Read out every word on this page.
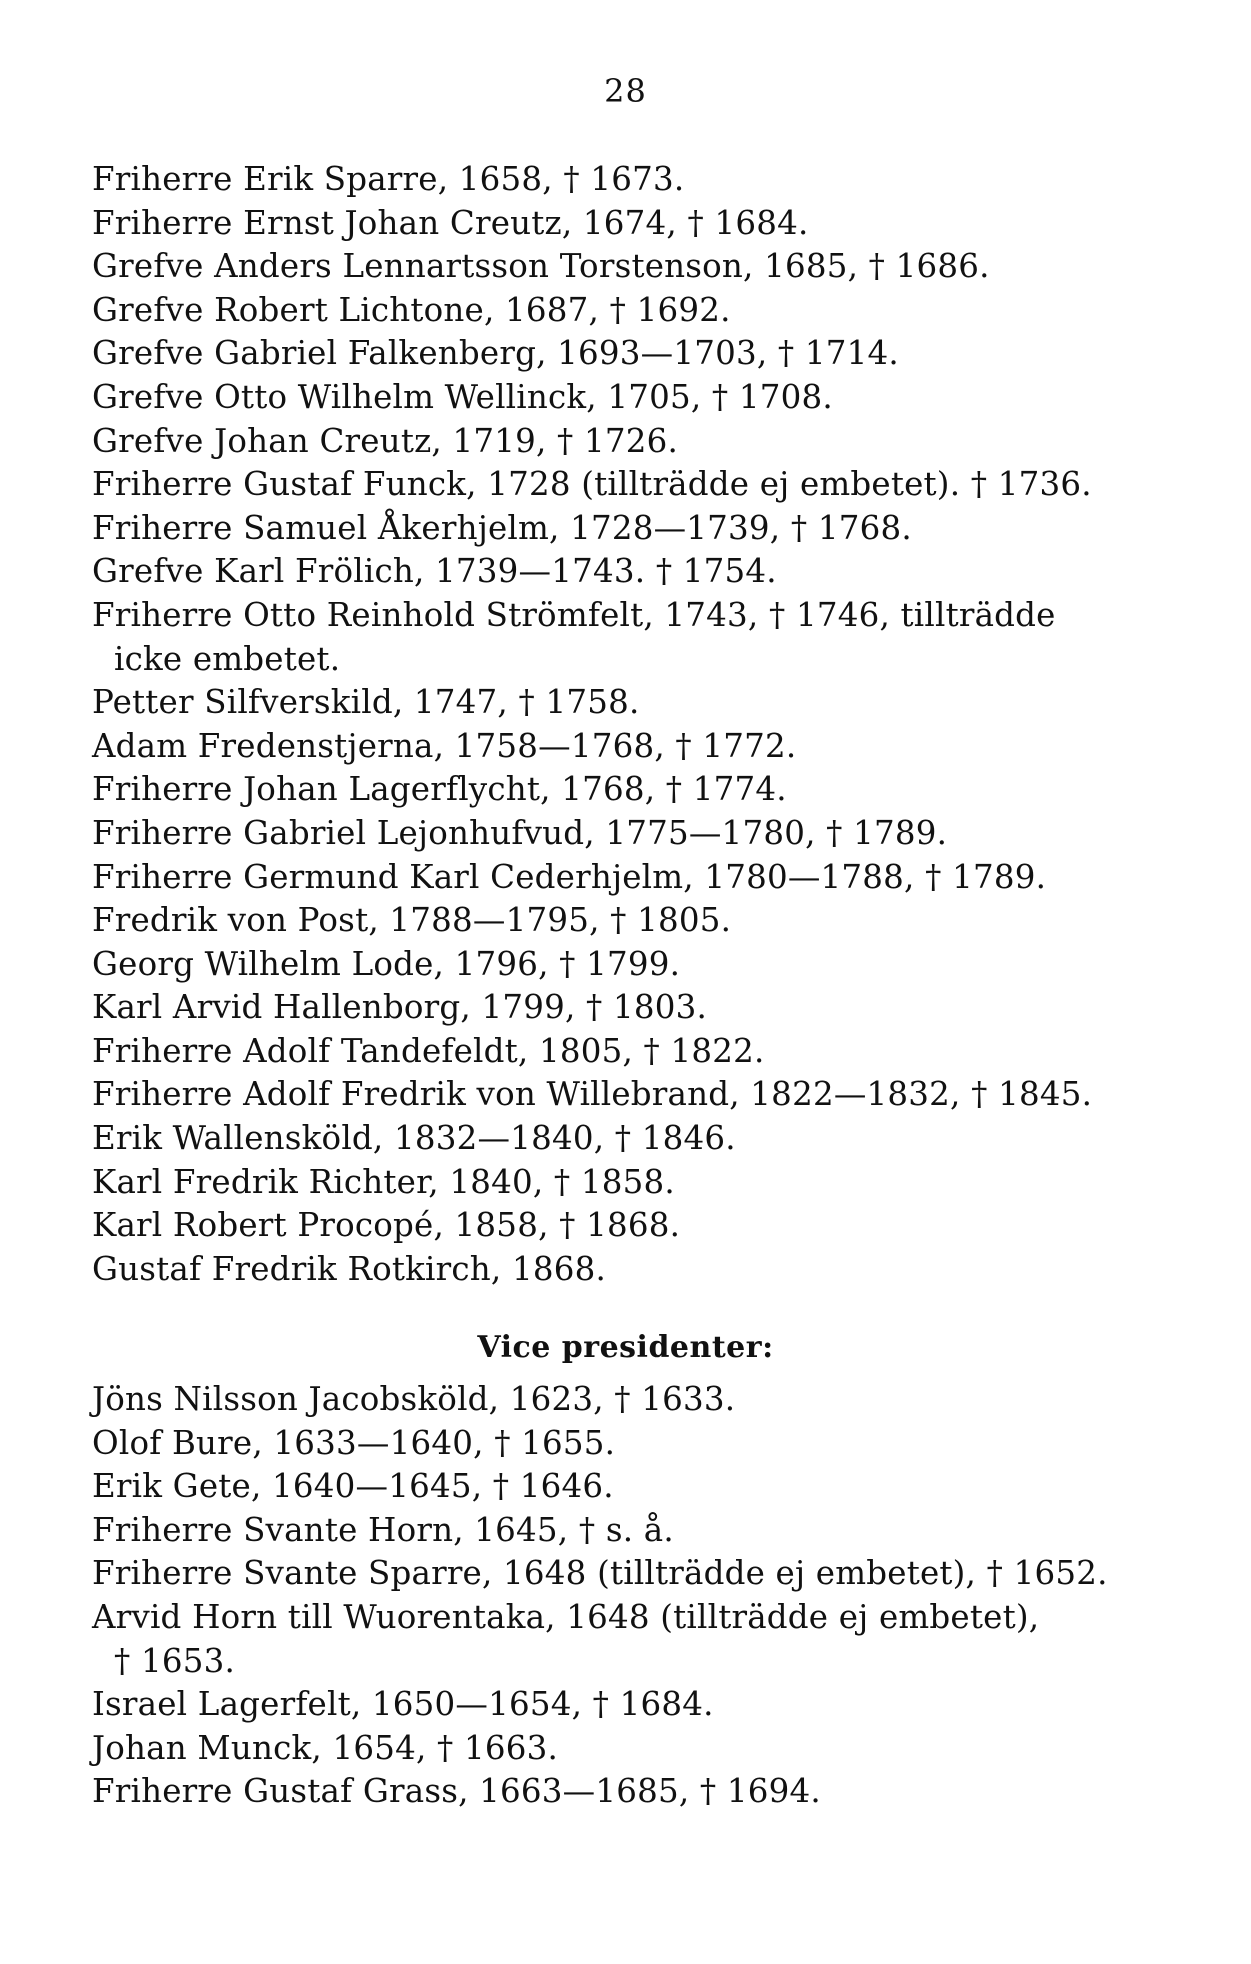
28
Friherre Erik Sparre, 1658, † 1673.
Friherre Ernst Johan Creutz, 1674, † 1684.
Grefve Anders Lennartsson Torstenson, 1685, † 1686.
Grefve Robert Lichtone, 1687, † 1692.
Grefve Gabriel Falkenberg, 1693—1703, † 1714.
Grefve Otto Wilhelm Wellinck, 1705, † 1708.
Grefve Johan Creutz, 1719, † 1726.
Friherre Gustaf Funck, 1728 (tillträdde ej embetet). † 1736.
Friherre Samuel Åkerhjelm, 1728—1739, † 1768.
Grefve Karl Frölich, 1739—1743. † 1754.
Friherre Otto Reinhold Strömfelt, 1743, † 1746, tillträdde
icke embetet.
Petter Silfverskild, 1747, † 1758.
Adam Fredenstjerna, 1758—1768, † 1772.
Friherre Johan Lagerflycht, 1768, † 1774.
Friherre Gabriel Lejonhufvud, 1775—1780, † 1789.
Friherre Germund Karl Cederhjelm, 1780—1788, † 1789.
Fredrik von Post, 1788—1795, † 1805.
Georg Wilhelm Lode, 1796, † 1799.
Karl Arvid Hallenborg, 1799, † 1803.
Friherre Adolf Tandefeldt, 1805, † 1822.
Friherre Adolf Fredrik von Willebrand, 1822—1832, † 1845.
Erik Wallensköld, 1832—1840, † 1846.
Karl Fredrik Richter, 1840, † 1858.
Karl Robert Procopé, 1858, † 1868.
Gustaf Fredrik Rotkirch, 1868.
Vice presidenter:
Jöns Nilsson Jacobsköld, 1623, † 1633.
Olof Bure, 1633—1640, † 1655.
Erik Gete, 1640—1645, † 1646.
Friherre Svante Horn, 1645, † s. å.
Friherre Svante Sparre, 1648 (tillträdde ej embetet), † 1652.
Arvid Horn till Wuorentaka, 1648 (tillträdde ej embetet),
† 1653.
Israel Lagerfelt, 1650—1654, † 1684.
Johan Munck, 1654, † 1663.
Friherre Gustaf Grass, 1663—1685, † 1694.
